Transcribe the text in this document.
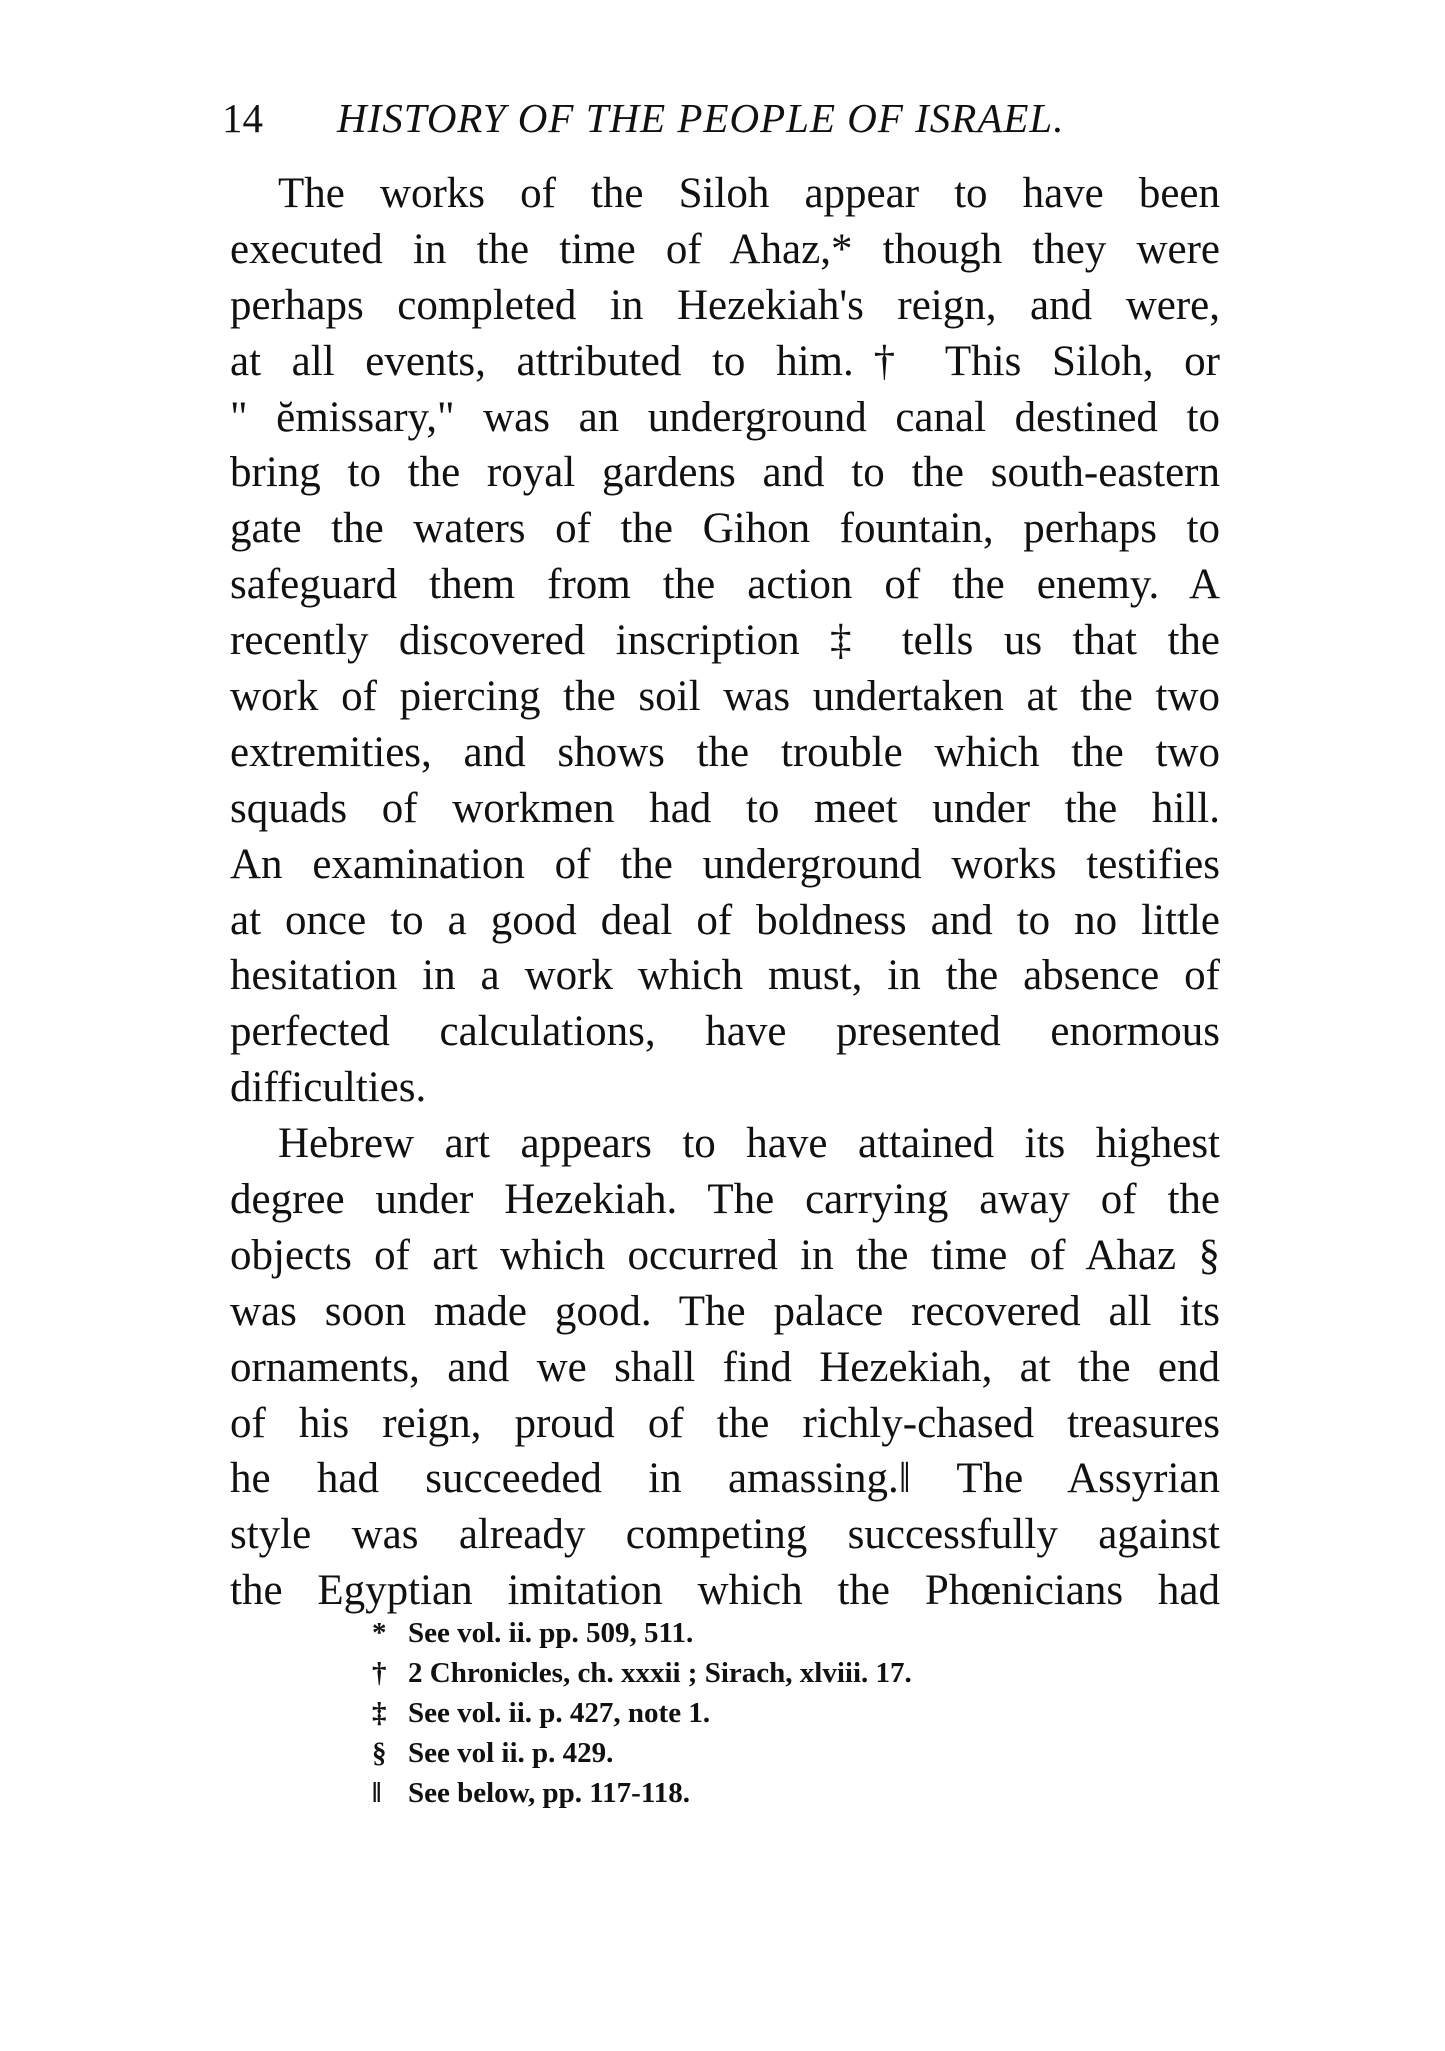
14 HISTORY OF THE PEOPLE OF ISRAEL.
The works of the Siloh appear to have been
executed in the time of Ahaz,* though they were
perhaps completed in Hezekiah's reign, and were,
at all events, attributed to him.† This Siloh, or
" ĕmissary," was an underground canal destined to
bring to the royal gardens and to the south-eastern
gate the waters of the Gihon fountain, perhaps to
safeguard them from the action of the enemy. A
recently discovered inscription ‡ tells us that the
work of piercing the soil was undertaken at the two
extremities, and shows the trouble which the two
squads of workmen had to meet under the hill.
An examination of the underground works testifies
at once to a good deal of boldness and to no little
hesitation in a work which must, in the absence of
perfected calculations, have presented enormous
difficulties.
Hebrew art appears to have attained its highest
degree under Hezekiah. The carrying away of the
objects of art which occurred in the time of Ahaz §
was soon made good. The palace recovered all its
ornaments, and we shall find Hezekiah, at the end
of his reign, proud of the richly-chased treasures
he had succeeded in amassing.‖ The Assyrian
style was already competing successfully against
the Egyptian imitation which the Phœnicians had
* See vol. ii. pp. 509, 511.
† 2 Chronicles, ch. xxxii ; Sirach, xlviii. 17.
‡ See vol. ii. p. 427, note 1.
§ See vol ii. p. 429.
‖ See below, pp. 117-118.
